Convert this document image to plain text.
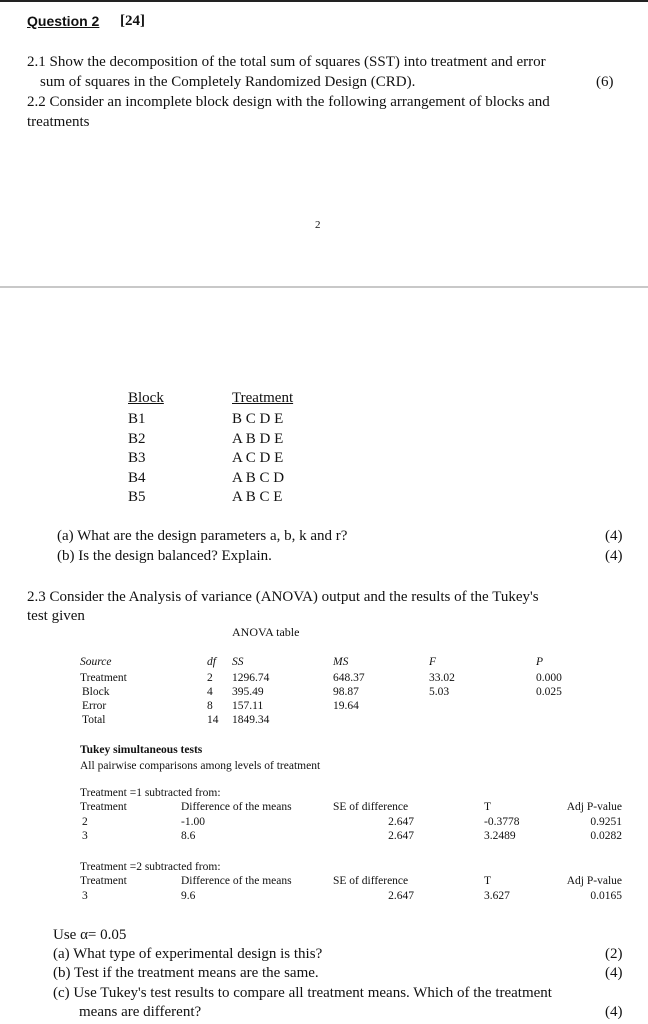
Question 2 [24]
2.1 Show the decomposition of the total sum of squares (SST) into treatment and error
sum of squares in the Completely Randomized Design (CRD).	(6)
2.2 Consider an incomplete block design with the following arrangement of blocks and
treatments
2
Block	Treatment
B1	B C D E
B2	A B D E
B3	A C D E
B4	A B C D
B5	A B C E
(a) What are the design parameters a, b, k and r?	(4)
(b) Is the design balanced? Explain.	(4)
2.3 Consider the Analysis of variance (ANOVA) output and the results of the Tukey's
test given
ANOVA table
Source	df SS	MS	F	P
Treatment	2 1296.74	648.37	33.02	0.000
Block	4 395.49	98.87	5.03	0.025
Error	8 157.11	19.64
Total	14 1849.34
Tukey simultaneous tests
All pairwise comparisons among levels of treatment
Treatment =1 subtracted from:
Treatment	Difference of the means	SE of difference	T	Adj P-value
2	-1.00	2.647	-0.3778	0.9251
3	8.6	2.647	3.2489	0.0282
Treatment =2 subtracted from:
Treatment	Difference of the means	SE of difference	T	Adj P-value
3	9.6	2.647	3.627	0.0165
Use α= 0.05
(a) What type of experimental design is this?	(2)
(b) Test if the treatment means are the same.	(4)
(c) Use Tukey's test results to compare all treatment means. Which of the treatment
means are different?	(4)
